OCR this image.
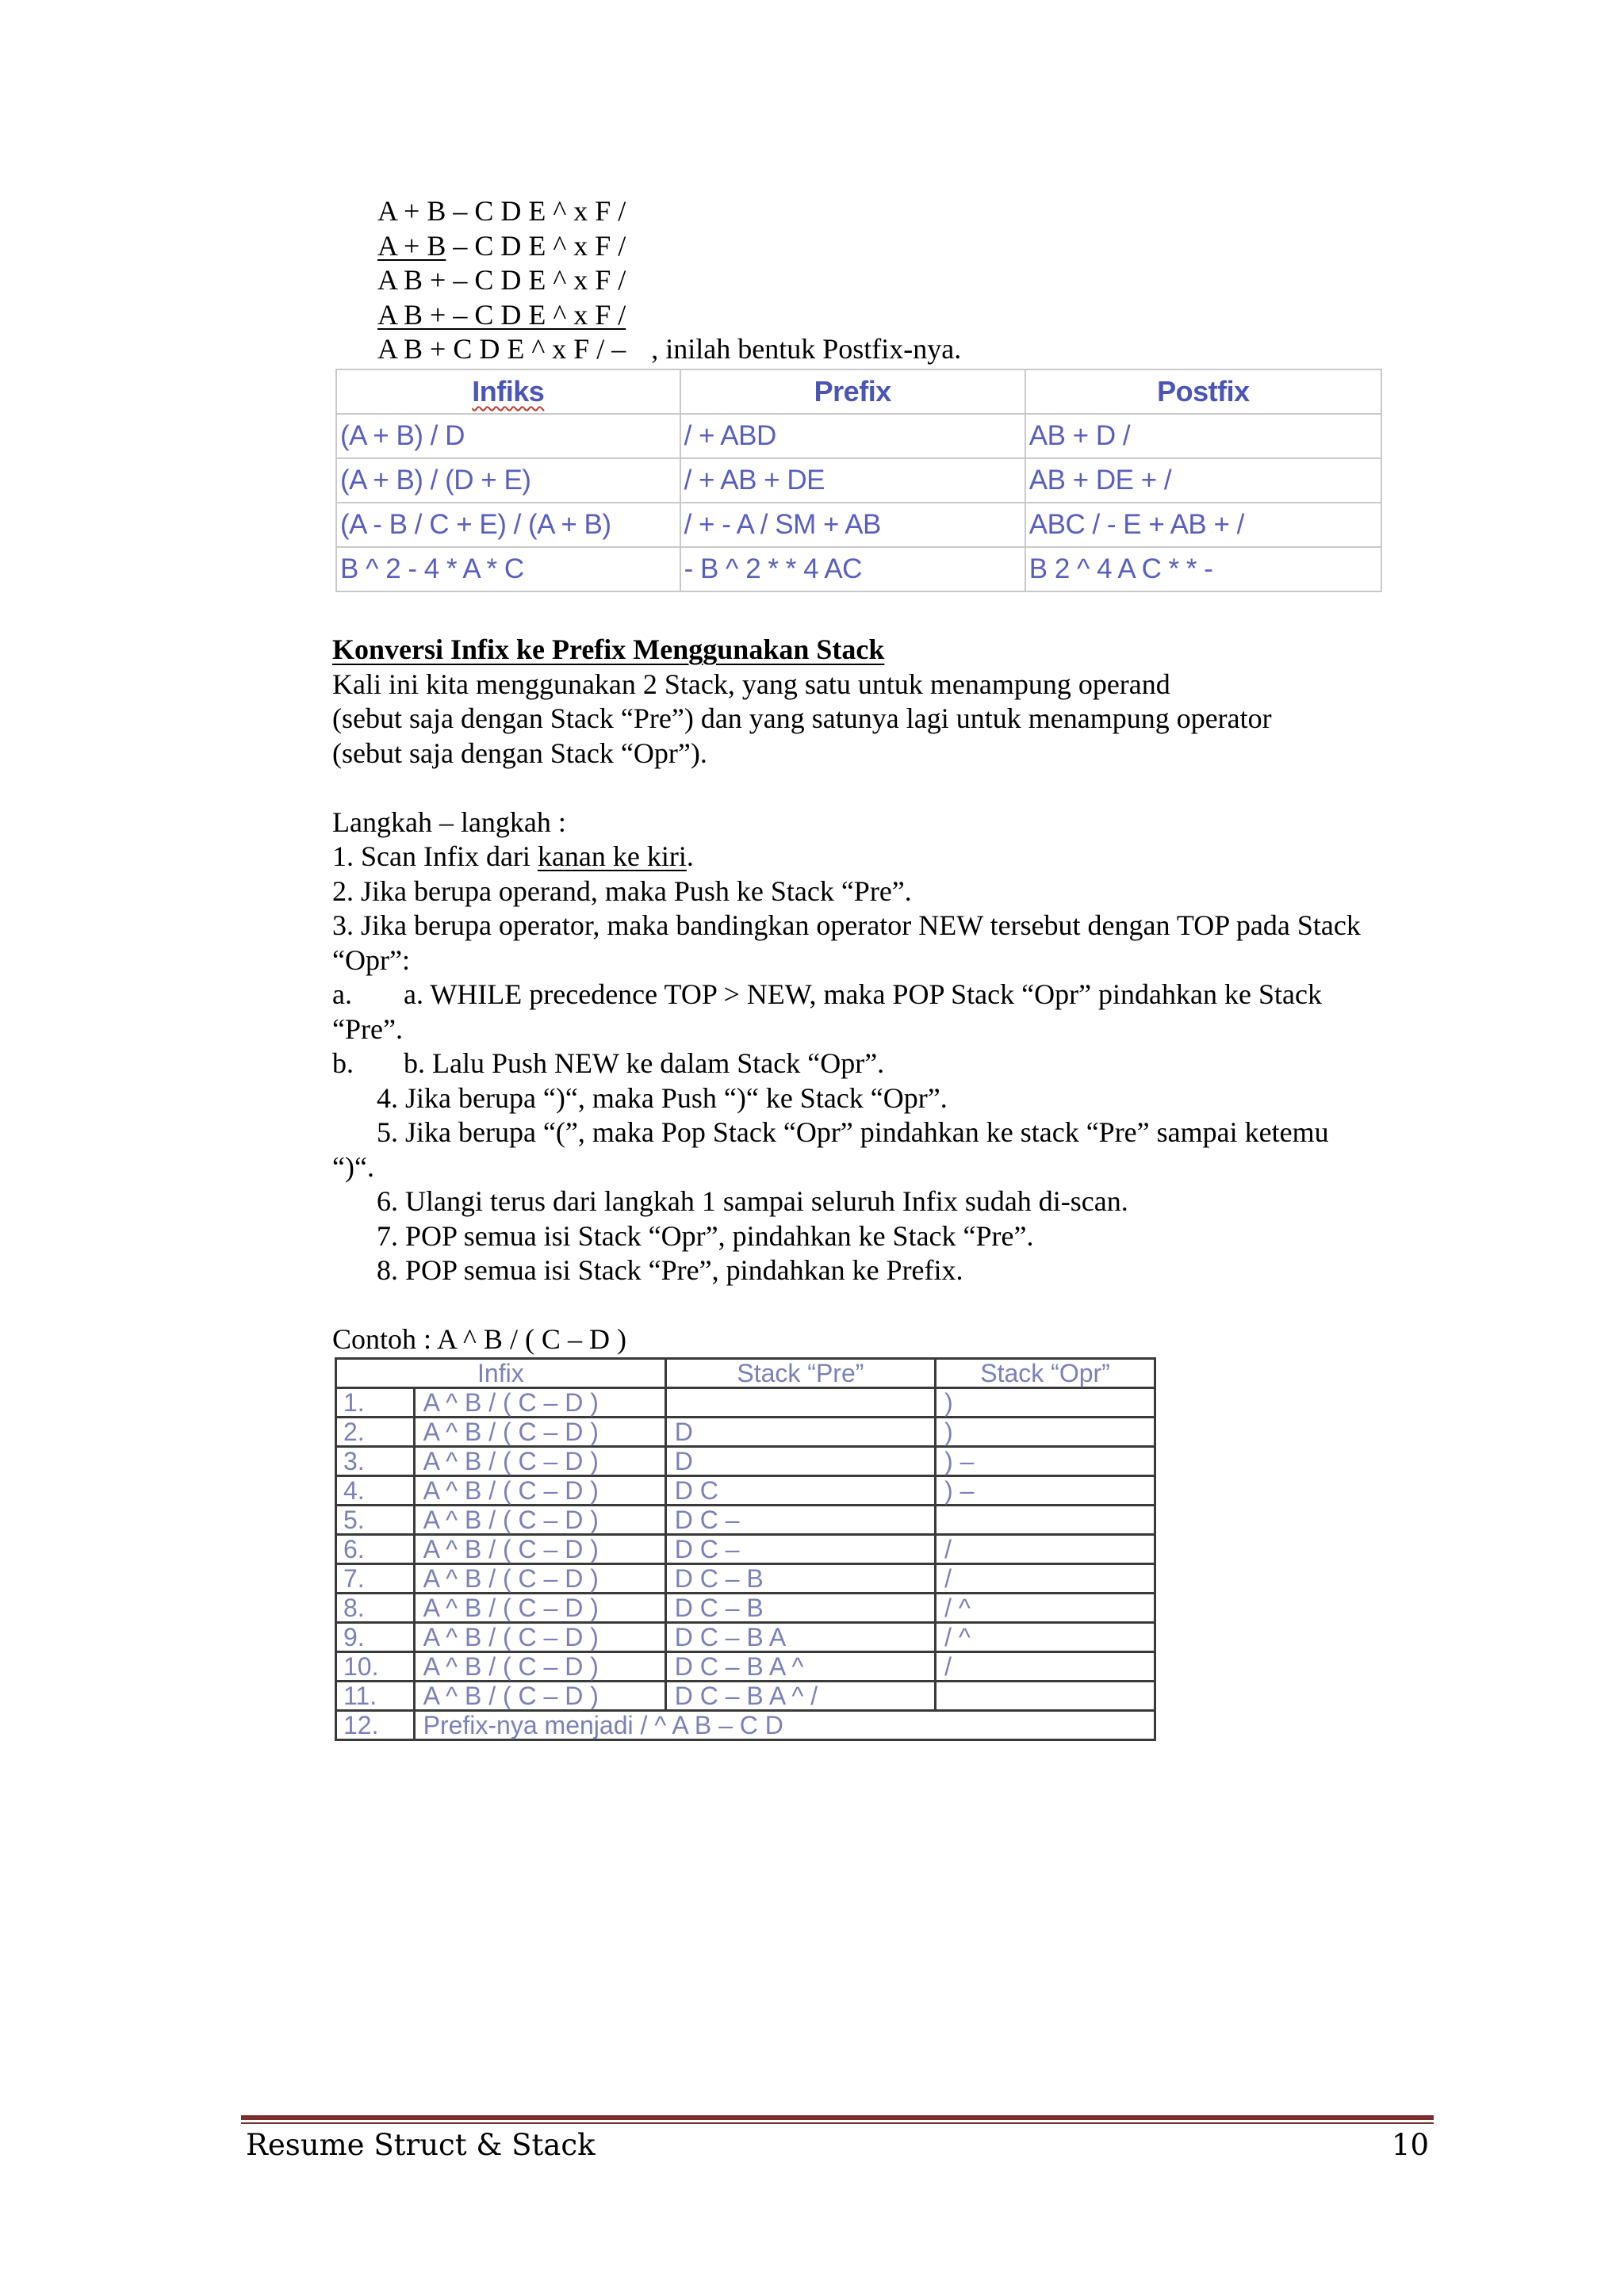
A + B – C D E ^ x F /
A + B – C D E ^ x F /
A B + – C D E ^ x F /
A B + – C D E ^ x F /
A B + C D E ^ x F / – , inilah bentuk Postfix-nya.
Infiks	Prefix	Postfix
(A + B) / D	/ + ABD	AB + D /
(A + B) / (D + E)	/ + AB + DE	AB + DE + /
(A - B / C + E) / (A + B)	/ + - A / SM + AB	ABC / - E + AB + /
B ^ 2 - 4 * A * C	- B ^ 2 * * 4 AC	B 2 ^ 4 A C * * -

Konversi Infix ke Prefix Menggunakan Stack

Kali ini kita menggunakan 2 Stack, yang satu untuk menampung operand

(sebut saja dengan Stack “Pre”) dan yang satunya lagi untuk menampung operator

(sebut saja dengan Stack “Opr”).

Langkah – langkah :

1. Scan Infix dari kanan ke kiri.

2. Jika berupa operand, maka Push ke Stack “Pre”.

3. Jika berupa operator, maka bandingkan operator NEW tersebut dengan TOP pada Stack

“Opr”:

a. a. WHILE precedence TOP > NEW, maka POP Stack “Opr” pindahkan ke Stack

“Pre”.

b. b. Lalu Push NEW ke dalam Stack “Opr”.

4. Jika berupa “)“, maka Push “)“ ke Stack “Opr”.

5. Jika berupa “(”, maka Pop Stack “Opr” pindahkan ke stack “Pre” sampai ketemu

“)“.

6. Ulangi terus dari langkah 1 sampai seluruh Infix sudah di-scan.

7. POP semua isi Stack “Opr”, pindahkan ke Stack “Pre”.

8. POP semua isi Stack “Pre”, pindahkan ke Prefix.

Contoh : A ^ B / ( C – D )

Infix		Stack “Pre”	Stack “Opr”
1.	A ^ B / ( C – D )		)
2.	A ^ B / ( C – D )	D	)
3.	A ^ B / ( C – D )	D	) –
4.	A ^ B / ( C – D )	D C	) –
5.	A ^ B / ( C – D )	D C –	
6.	A ^ B / ( C – D )	D C –	/
7.	A ^ B / ( C – D )	D C – B	/
8.	A ^ B / ( C – D )	D C – B	/ ^
9.	A ^ B / ( C – D )	D C – B A	/ ^
10.	A ^ B / ( C – D )	D C – B A ^	/
11.	A ^ B / ( C – D )	D C – B A ^ /	
12.	Prefix-nya menjadi / ^ A B – C D		
Resume Struct & Stack	10
